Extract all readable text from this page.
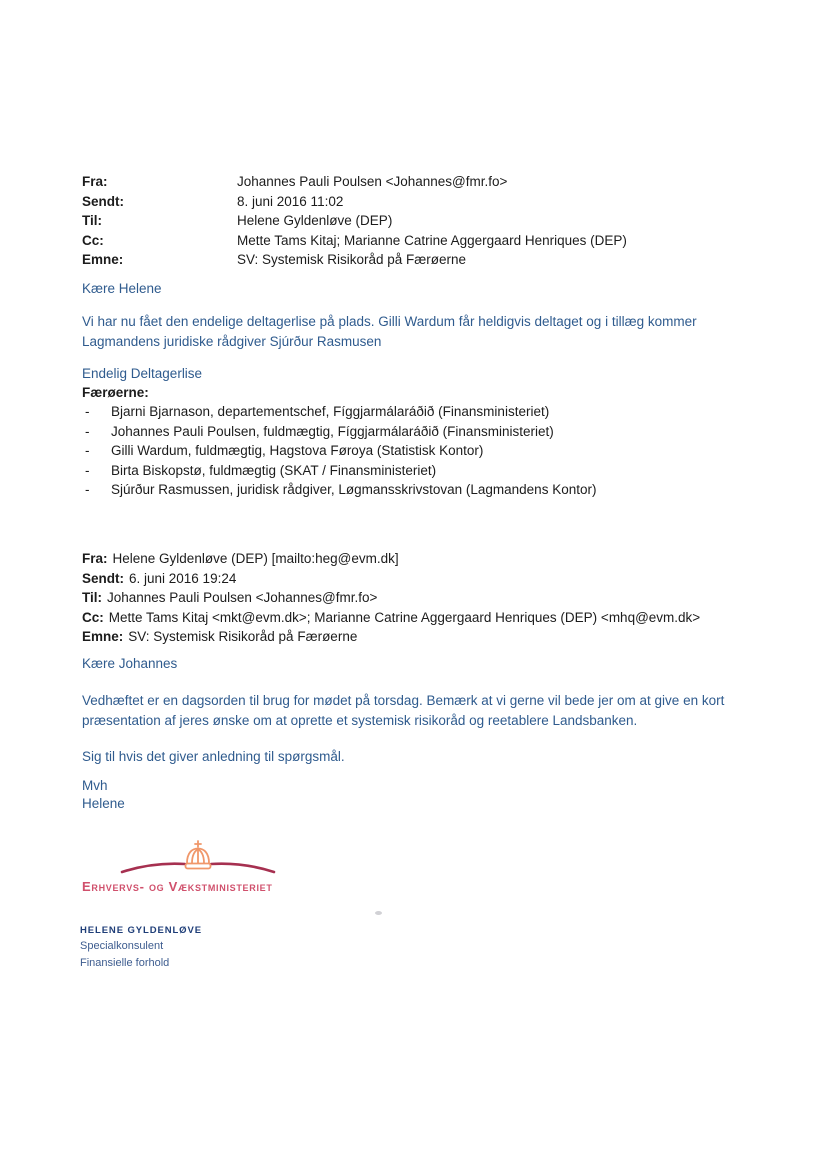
Fra:	Johannes Pauli Poulsen <Johannes@fmr.fo>
Sendt:	8. juni 2016 11:02
Til:	Helene Gyldenløve (DEP)
Cc:	Mette Tams Kitaj; Marianne Catrine Aggergaard Henriques (DEP)
Emne:	SV: Systemisk Risikoråd på Færøerne
Kære Helene
Vi har nu fået den endelige deltagerlise på plads. Gilli Wardum får heldigvis deltaget og i tillæg kommer Lagmandens juridiske rådgiver Sjúrður Rasmusen
Endelig Deltagerlise
Færøerne:
-	Bjarni Bjarnason, departementschef, Fíggjarmálaráðið (Finansministeriet)
-	Johannes Pauli Poulsen, fuldmægtig, Fíggjarmálaráðið (Finansministeriet)
-	Gilli Wardum, fuldmægtig, Hagstova Føroya (Statistisk Kontor)
-	Birta Biskopstø, fuldmægtig (SKAT / Finansministeriet)
-	Sjúrður Rasmussen, juridisk rådgiver, Løgmansskrivstovan (Lagmandens Kontor)
Fra: Helene Gyldenløve (DEP) [mailto:heg@evm.dk]
Sendt: 6. juni 2016 19:24
Til: Johannes Pauli Poulsen <Johannes@fmr.fo>
Cc: Mette Tams Kitaj <mkt@evm.dk>; Marianne Catrine Aggergaard Henriques (DEP) <mhq@evm.dk>
Emne: SV: Systemisk Risikoråd på Færøerne
Kære Johannes
Vedhæftet er en dagsorden til brug for mødet på torsdag. Bemærk at vi gerne vil bede jer om at give en kort præsentation af jeres ønske om at oprette et systemisk risikoråd og reetablere Landsbanken.
Sig til hvis det giver anledning til spørgsmål.
Mvh
Helene
Erhvervs- og Vækstministeriet
HELENE GYLDENLØVE
Specialkonsulent
Finansielle forhold
